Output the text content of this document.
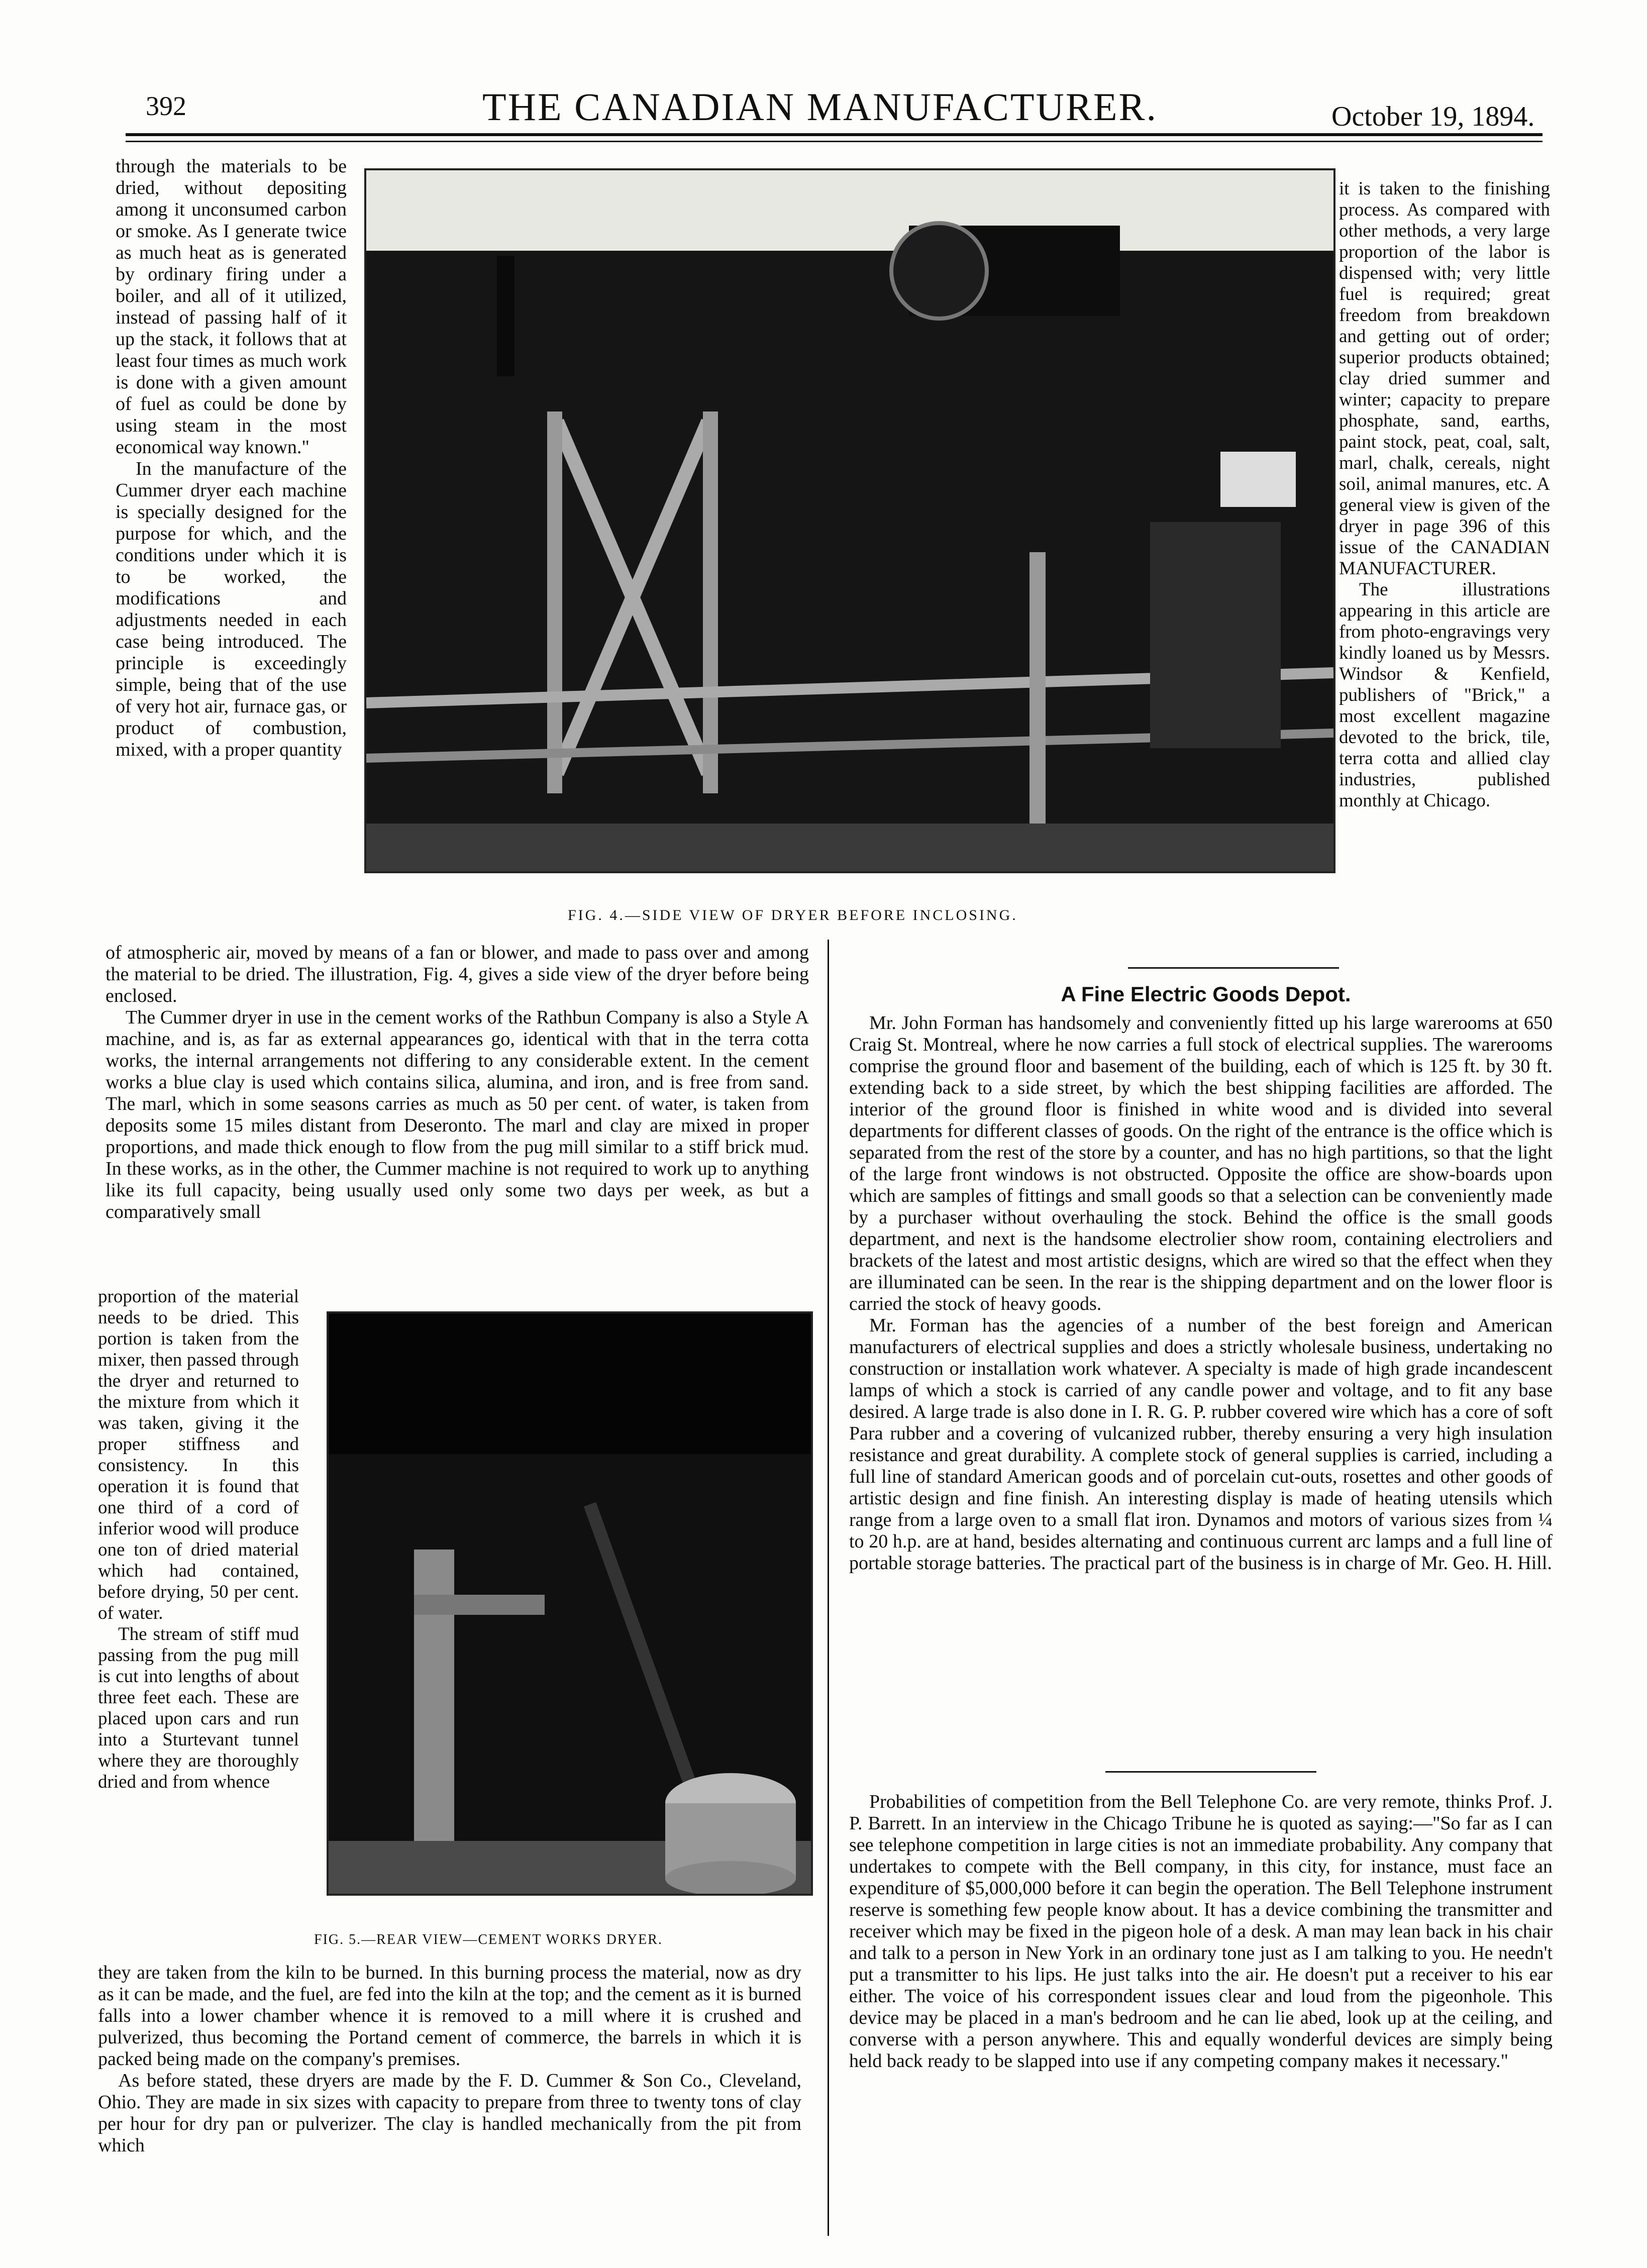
392	THE CANADIAN MANUFACTURER.	October 19, 1894.
FIG. 4.—SIDE VIEW OF DRYER BEFORE INCLOSING.

through the materials to be dried, without depositing among it unconsumed carbon or smoke. As I generate twice as much heat as is generated by ordinary firing under a boiler, and all of it utilized, instead of passing half of it up the stack, it follows that at least four times as much work is done with a given amount of fuel as could be done by using steam in the most economical way known."

In the manufacture of the Cummer dryer each machine is specially designed for the purpose for which, and the conditions under which it is to be worked, the modifications and adjustments needed in each case being introduced. The principle is exceedingly simple, being that of the use of very hot air, furnace gas, or product of combustion, mixed, with a proper quantity

of atmospheric air, moved by means of a fan or blower, and made to pass over and among the material to be dried. The illustration, Fig. 4, gives a side view of the dryer before being enclosed.

The Cummer dryer in use in the cement works of the Rathbun Company is also a Style A machine, and is, as far as external appearances go, identical with that in the terra cotta works, the internal arrangements not differing to any considerable extent. In the cement works a blue clay is used which contains silica, alumina, and iron, and is free from sand. The marl, which in some seasons carries as much as 50 per cent. of water, is taken from deposits some 15 miles distant from Deseronto. The marl and clay are mixed in proper proportions, and made thick enough to flow from the pug mill similar to a stiff brick mud. In these works, as in the other, the Cummer machine is not required to work up to anything like its full capacity, being usually used only some two days per week, as but a comparatively small

FIG. 5.—REAR VIEW—CEMENT WORKS DRYER.

proportion of the material needs to be dried. This portion is taken from the mixer, then passed through the dryer and returned to the mixture from which it was taken, giving it the proper stiffness and consistency. In this operation it is found that one third of a cord of inferior wood will produce one ton of dried material which had contained, before drying, 50 per cent. of water.

The stream of stiff mud passing from the pug mill is cut into lengths of about three feet each. These are placed upon cars and run into a Sturtevant tunnel where they are thoroughly dried and from whence

they are taken from the kiln to be burned. In this burning process the material, now as dry as it can be made, and the fuel, are fed into the kiln at the top; and the cement as it is burned falls into a lower chamber whence it is removed to a mill where it is crushed and pulverized, thus becoming the Portand cement of commerce, the barrels in which it is packed being made on the company's premises.

As before stated, these dryers are made by the F. D. Cummer & Son Co., Cleveland, Ohio. They are made in six sizes with capacity to prepare from three to twenty tons of clay per hour for dry pan or pulverizer. The clay is handled mechanically from the pit from which

it is taken to the finishing process. As compared with other methods, a very large proportion of the labor is dispensed with; very little fuel is required; great freedom from breakdown and getting out of order; superior products obtained; clay dried summer and winter; capacity to prepare phosphate, sand, earths, paint stock, peat, coal, salt, marl, chalk, cereals, night soil, animal manures, etc. A general view is given of the dryer in page 396 of this issue of the CANADIAN MANUFACTURER.

The illustrations appearing in this article are from photo-engravings very kindly loaned us by Messrs. Windsor & Kenfield, publishers of "Brick," a most excellent magazine devoted to the brick, tile, terra cotta and allied clay industries, published monthly at Chicago.

A Fine Electric Goods Depot.

Mr. John Forman has handsomely and conveniently fitted up his large warerooms at 650 Craig St. Montreal, where he now carries a full stock of electrical supplies. The warerooms comprise the ground floor and basement of the building, each of which is 125 ft. by 30 ft. extending back to a side street, by which the best shipping facilities are afforded. The interior of the ground floor is finished in white wood and is divided into several departments for different classes of goods. On the right of the entrance is the office which is separated from the rest of the store by a counter, and has no high partitions, so that the light of the large front windows is not obstructed. Opposite the office are show-boards upon which are samples of fittings and small goods so that a selection can be conveniently made by a purchaser without overhauling the stock. Behind the office is the small goods department, and next is the handsome electrolier show room, containing electroliers and brackets of the latest and most artistic designs, which are wired so that the effect when they are illuminated can be seen. In the rear is the shipping department and on the lower floor is carried the stock of heavy goods.

Mr. Forman has the agencies of a number of the best foreign and American manufacturers of electrical supplies and does a strictly wholesale business, undertaking no construction or installation work whatever. A specialty is made of high grade incandescent lamps of which a stock is carried of any candle power and voltage, and to fit any base desired. A large trade is also done in I. R. G. P. rubber covered wire which has a core of soft Para rubber and a covering of vulcanized rubber, thereby ensuring a very high insulation resistance and great durability. A complete stock of general supplies is carried, including a full line of standard American goods and of porcelain cut-outs, rosettes and other goods of artistic design and fine finish. An interesting display is made of heating utensils which range from a large oven to a small flat iron. Dynamos and motors of various sizes from ¼ to 20 h.p. are at hand, besides alternating and continuous current arc lamps and a full line of portable storage batteries. The practical part of the business is in charge of Mr. Geo. H. Hill.

Probabilities of competition from the Bell Telephone Co. are very remote, thinks Prof. J. P. Barrett. In an interview in the Chicago Tribune he is quoted as saying:—"So far as I can see telephone competition in large cities is not an immediate probability. Any company that undertakes to compete with the Bell company, in this city, for instance, must face an expenditure of $5,000,000 before it can begin the operation. The Bell Telephone instrument reserve is something few people know about. It has a device combining the transmitter and receiver which may be fixed in the pigeon hole of a desk. A man may lean back in his chair and talk to a person in New York in an ordinary tone just as I am talking to you. He needn't put a transmitter to his lips. He just talks into the air. He doesn't put a receiver to his ear either. The voice of his correspondent issues clear and loud from the pigeonhole. This device may be placed in a man's bedroom and he can lie abed, look up at the ceiling, and converse with a person anywhere. This and equally wonderful devices are simply being held back ready to be slapped into use if any competing company makes it necessary."
